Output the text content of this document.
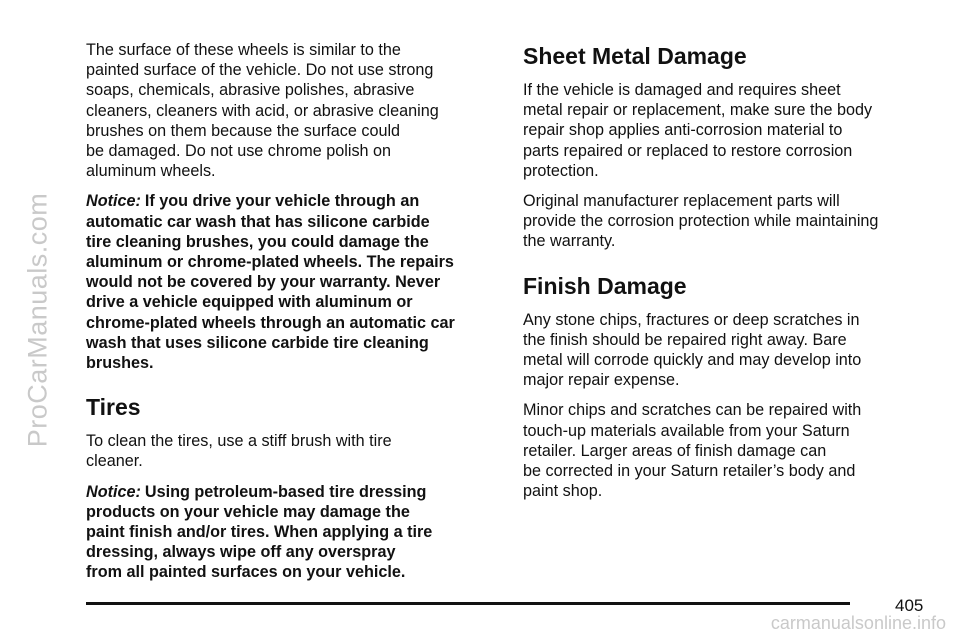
ProCarManuals.com

The surface of these wheels is similar to the
painted surface of the vehicle. Do not use strong
soaps, chemicals, abrasive polishes, abrasive
cleaners, cleaners with acid, or abrasive cleaning
brushes on them because the surface could
be damaged. Do not use chrome polish on
aluminum wheels.

Notice: If you drive your vehicle through an
automatic car wash that has silicone carbide
tire cleaning brushes, you could damage the
aluminum or chrome-plated wheels. The repairs
would not be covered by your warranty. Never
drive a vehicle equipped with aluminum or
chrome-plated wheels through an automatic car
wash that uses silicone carbide tire cleaning
brushes.

Tires

To clean the tires, use a stiff brush with tire
cleaner.

Notice: Using petroleum-based tire dressing
products on your vehicle may damage the
paint finish and/or tires. When applying a tire
dressing, always wipe off any overspray
from all painted surfaces on your vehicle.

Sheet Metal Damage

If the vehicle is damaged and requires sheet
metal repair or replacement, make sure the body
repair shop applies anti-corrosion material to
parts repaired or replaced to restore corrosion
protection.

Original manufacturer replacement parts will
provide the corrosion protection while maintaining
the warranty.

Finish Damage

Any stone chips, fractures or deep scratches in
the finish should be repaired right away. Bare
metal will corrode quickly and may develop into
major repair expense.

Minor chips and scratches can be repaired with
touch-up materials available from your Saturn
retailer. Larger areas of finish damage can
be corrected in your Saturn retailer’s body and
paint shop.

405
carmanualsonline.info
